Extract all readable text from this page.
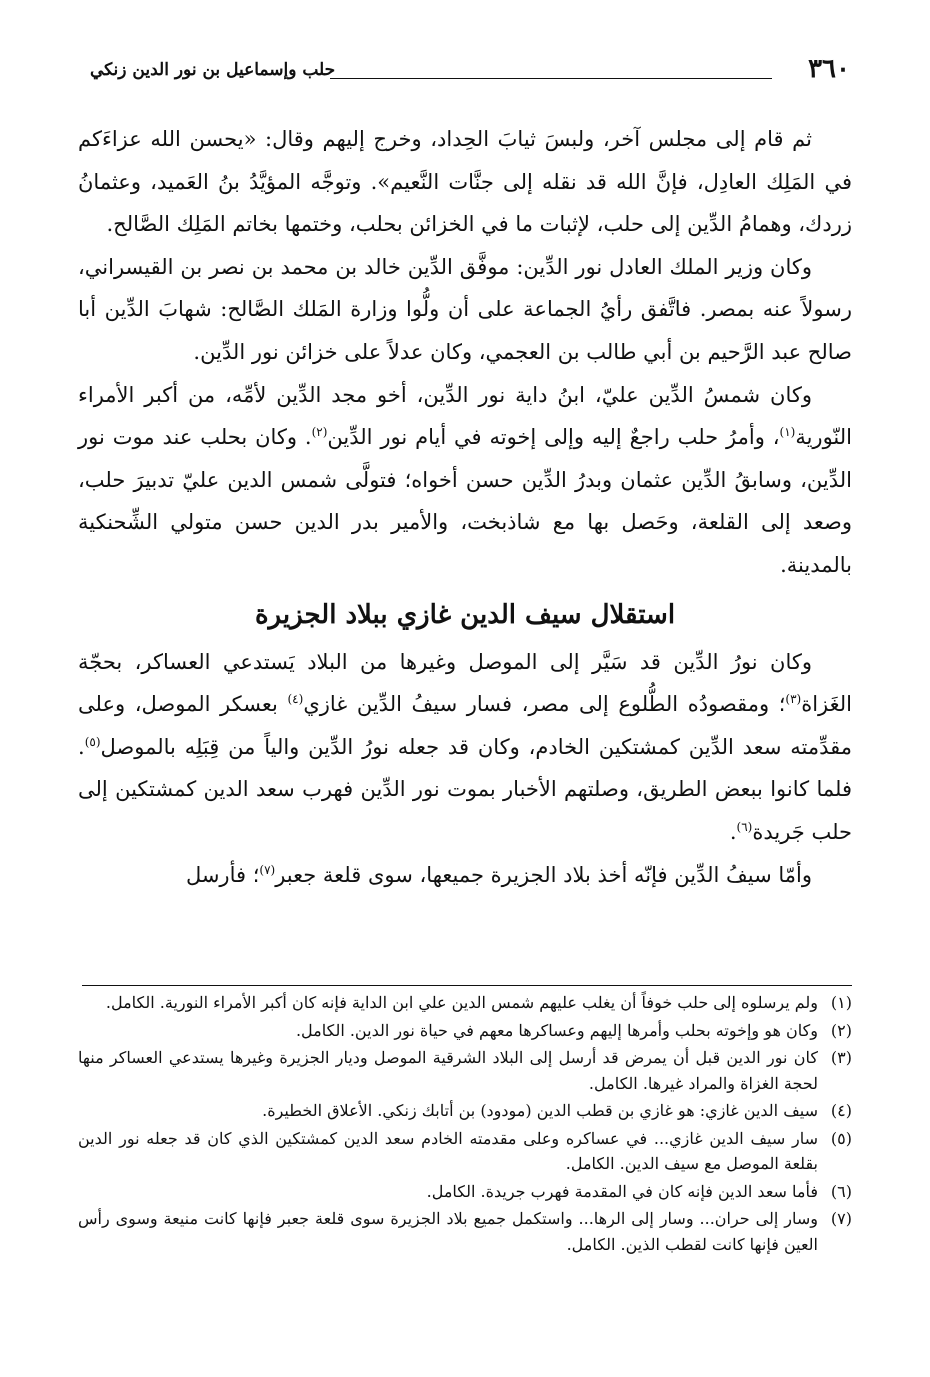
حلب وإسماعيل بن نور الدين زنكي	٣٦٠

ثم قام إلى مجلس آخر، ولبسَ ثيابَ الحِداد، وخرج إليهم وقال: «يحسن الله عزاءَكم في المَلِك العادِل، فإنَّ الله قد نقله إلى جنَّات النَّعيم». وتوجَّه المؤيَّدُ بنُ العَميد، وعثمانُ زردك، وهمامُ الدِّين إلى حلب، لإثبات ما في الخزائن بحلب، وختمها بخاتم المَلِك الصَّالح.

وكان وزير الملك العادل نور الدِّين: موفَّق الدِّين خالد بن محمد بن نصر بن القيسراني، رسولاً عنه بمصر. فاتَّفق رأيُ الجماعة على أن ولُّوا وزارة المَلك الصَّالح: شهابَ الدِّين أبا صالح عبد الرَّحيم بن أبي طالب بن العجمي، وكان عدلاً على خزائن نور الدِّين.

وكان شمسُ الدِّين عليّ، ابنُ داية نور الدِّين، أخو مجد الدِّين لأمِّه، من أكبر الأمراء النّورية$^{(١)}$، وأمرُ حلب راجعٌ إليه وإلى إخوته في أيام نور الدِّين$^{(٢)}$. وكان بحلب عند موت نور الدِّين، وسابقُ الدِّين عثمان وبدرُ الدِّين حسن أخواه؛ فتولَّى شمس الدين عليّ تدبيرَ حلب، وصعد إلى القلعة، وحَصل بها مع شاذبخت، والأمير بدر الدين حسن متولي الشِّحنكية بالمدينة.

استقلال سيف الدين غازي ببلاد الجزيرة

وكان نورُ الدِّين قد سَيَّر إلى الموصل وغيرها من البلاد يَستدعي العساكر، بحجّة الغَزاة$^{(٣)}$؛ ومقصودُه الطُّلوع إلى مصر، فسار سيفُ الدِّين غازي$^{(٤)}$ بعسكر الموصل، وعلى مقدِّمته سعد الدِّين كمشتكين الخادم، وكان قد جعله نورُ الدِّين والياً من قِبَلِه بالموصل$^{(٥)}$. فلما كانوا ببعض الطريق، وصلتهم الأخبار بموت نور الدِّين فهرب سعد الدين كمشتكين إلى حلب جَريدة$^{(٦)}$.

وأمّا سيفُ الدِّين فإنّه أخذ بلاد الجزيرة جميعها، سوى قلعة جعبر$^{(٧)}$؛ فأرسل

(١)
ولم يرسلوه إلى حلب خوفاً أن يغلب عليهم شمس الدين علي ابن الداية فإنه كان أكبر الأمراء النورية. الكامل.
(٢)
وكان هو وإخوته بحلب وأمرها إليهم وعساكرها معهم في حياة نور الدين. الكامل.
(٣)
كان نور الدين قبل أن يمرض قد أرسل إلى البلاد الشرقية الموصل وديار الجزيرة وغيرها يستدعي العساكر منها لحجة الغزاة والمراد غيرها. الكامل.
(٤)
سيف الدين غازي: هو غازي بن قطب الدين (مودود) بن أتابك زنكي. الأعلاق الخطيرة.
(٥)
سار سيف الدين غازي... في عساكره وعلى مقدمته الخادم سعد الدين كمشتكين الذي كان قد جعله نور الدين بقلعة الموصل مع سيف الدين. الكامل.
(٦)
فأما سعد الدين فإنه كان في المقدمة فهرب جريدة. الكامل.
(٧)
وسار إلى حران... وسار إلى الرها... واستكمل جميع بلاد الجزيرة سوى قلعة جعبر فإنها كانت منيعة وسوى رأس العين فإنها كانت لقطب الذين. الكامل.
